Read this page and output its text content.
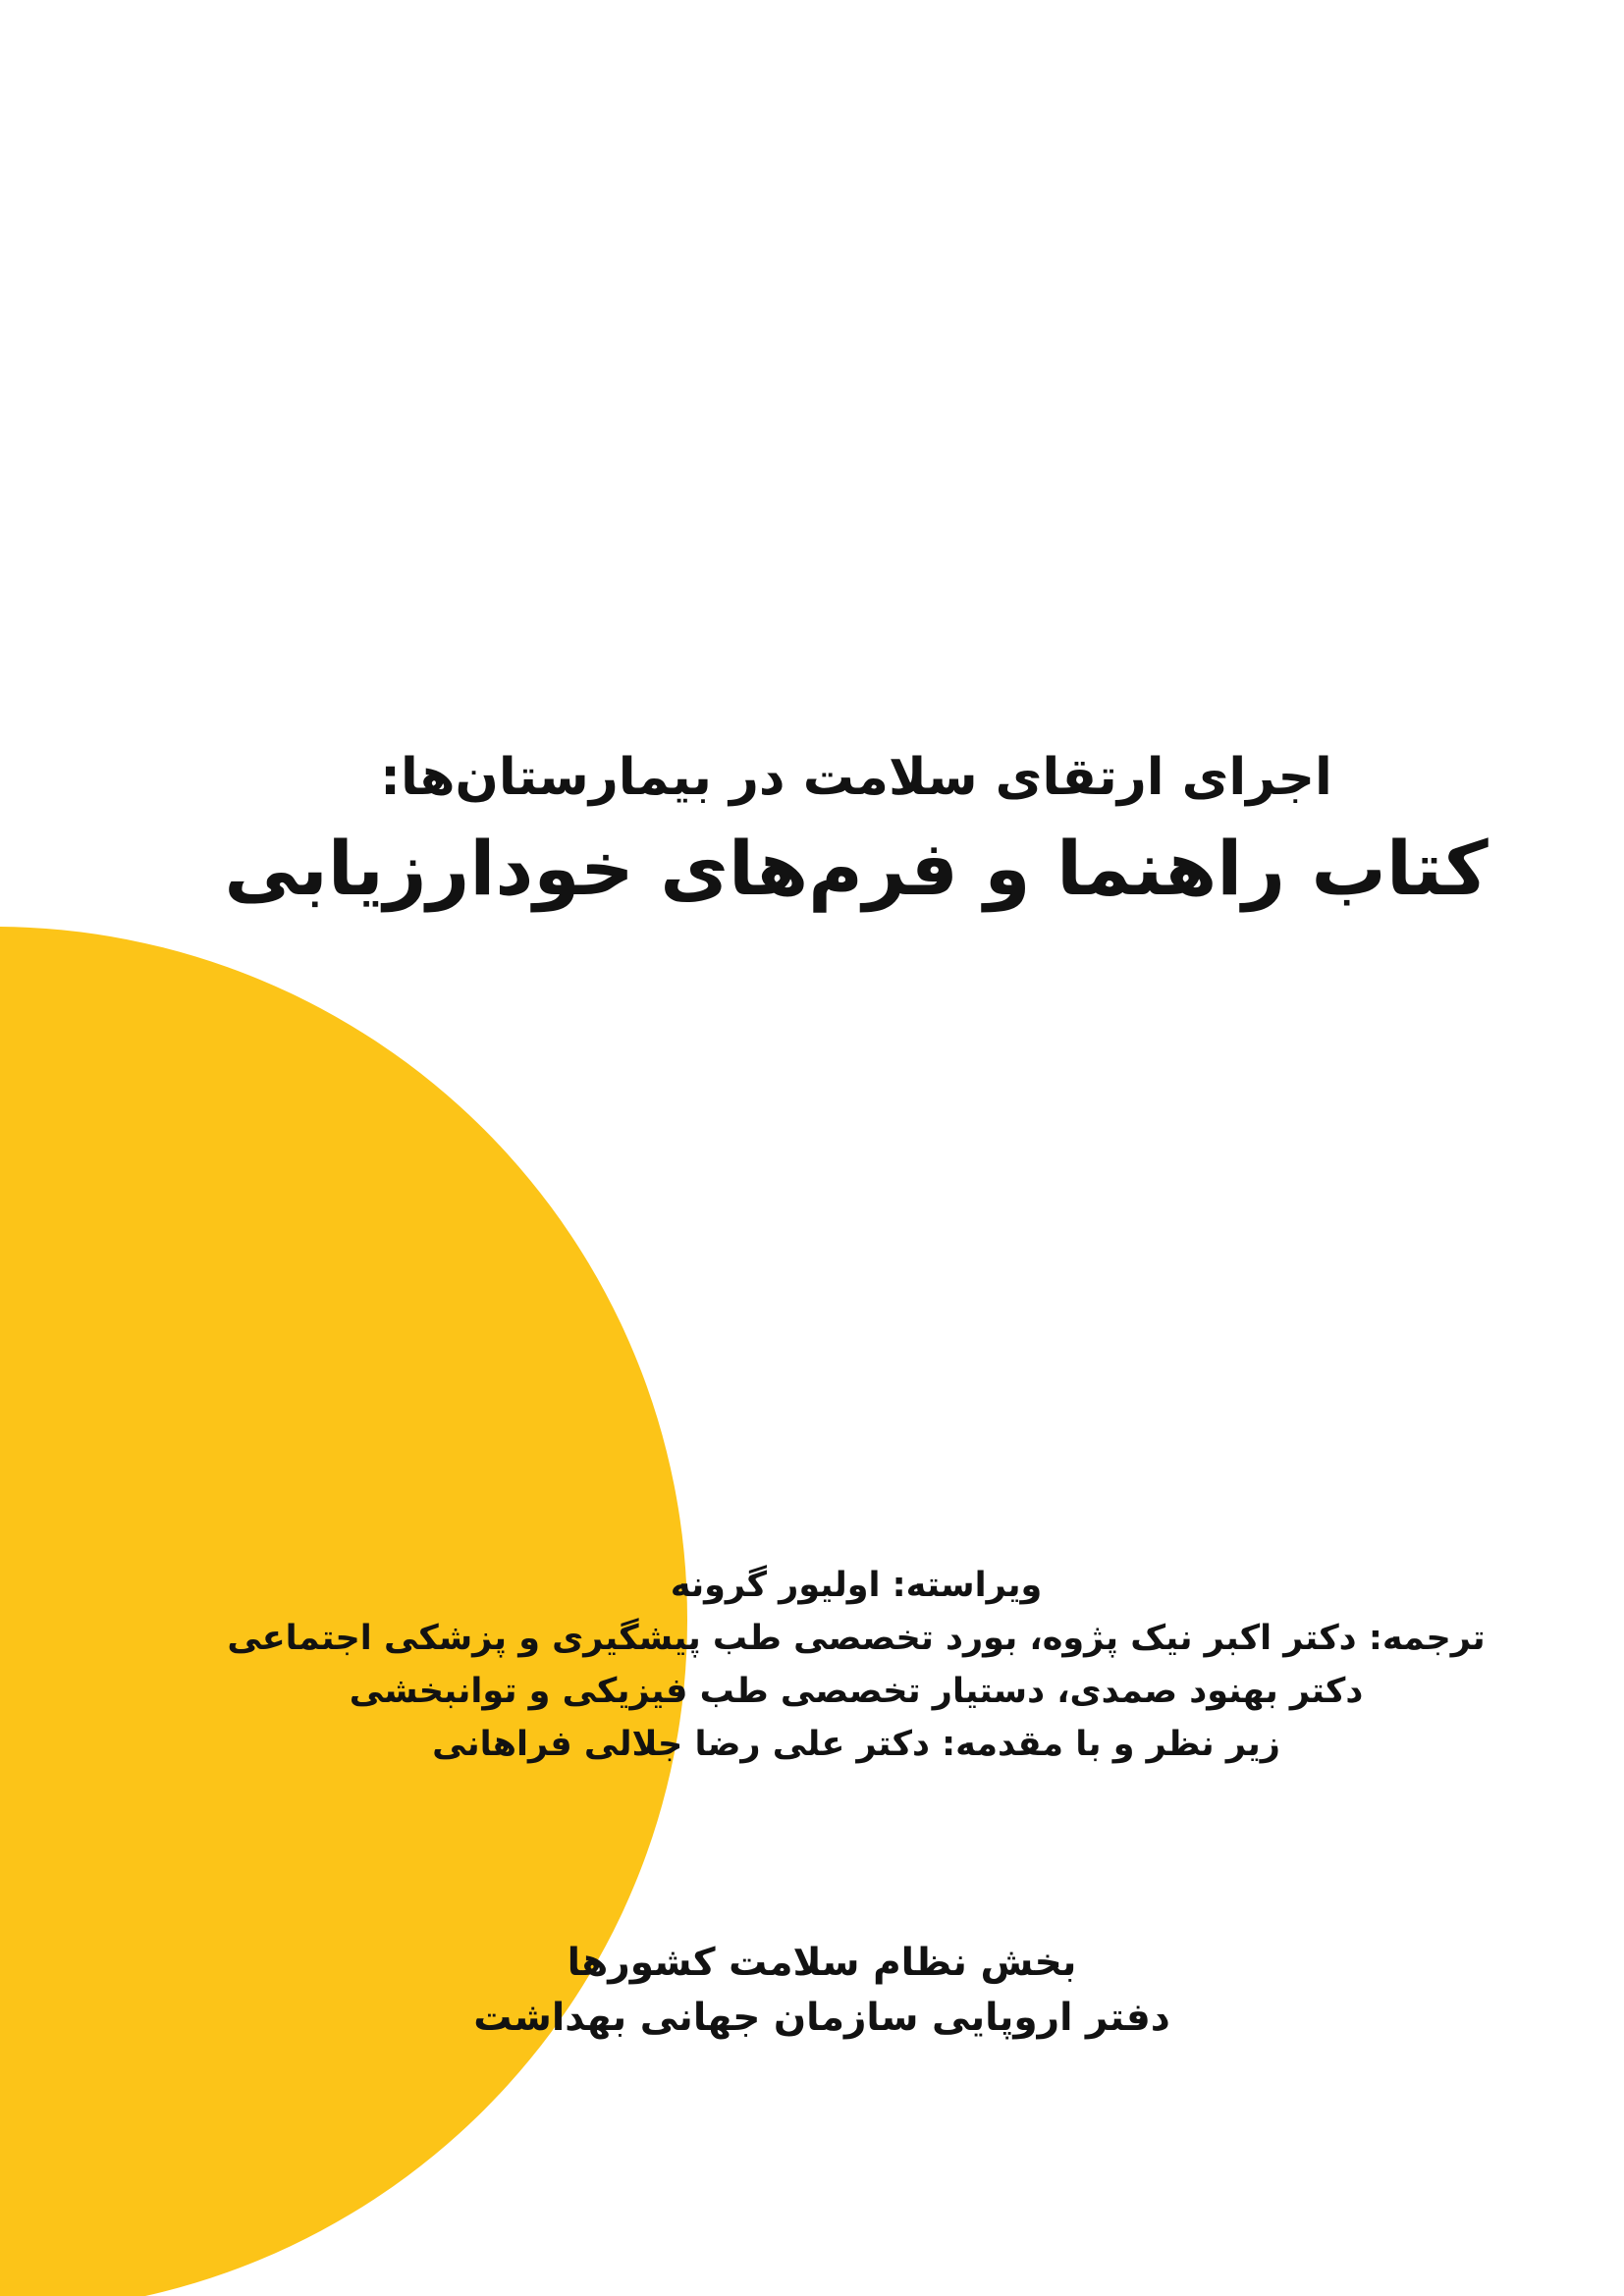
اجرای ارتقای سلامت در بیمارستان‌ها:
کتاب راهنما و فرم‌های خودارزیابی
ویراسته: اولیور گرونه
ترجمه: دکتر اکبر نیک پژوه، بورد تخصصی طب پیشگیری و پزشکی اجتماعی
دکتر بهنود صمدی، دستیار تخصصی طب فیزیکی و توانبخشی
زیر نظر و با مقدمه: دکتر علی رضا جلالی فراهانی
بخش نظام سلامت کشورها
دفتر اروپایی سازمان جهانی بهداشت
